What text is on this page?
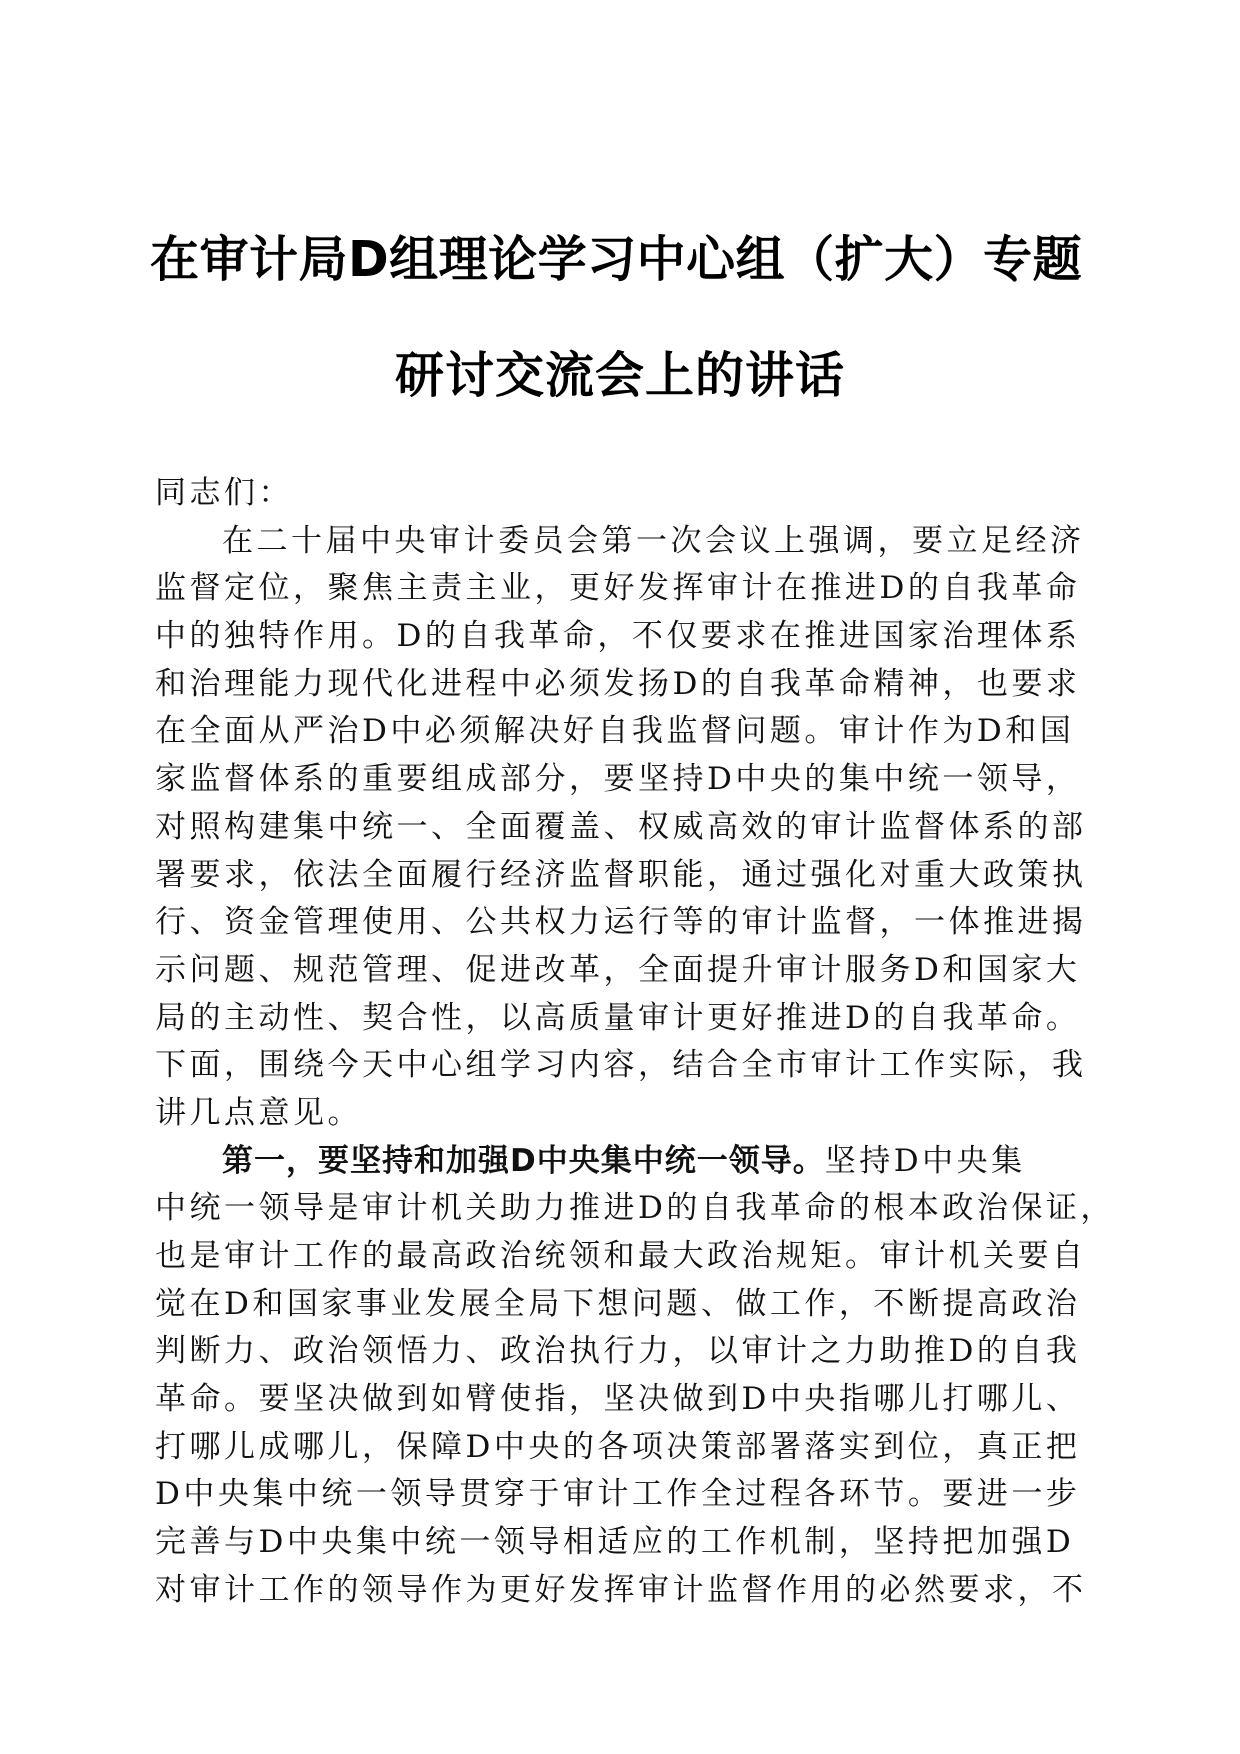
在审计局D组理论学习中心组（扩大）专题
研讨交流会上的讲话
同志们：
在二十届中央审计委员会第一次会议上强调，要立足经济
监督定位，聚焦主责主业，更好发挥审计在推进D的自我革命
中的独特作用。D的自我革命，不仅要求在推进国家治理体系
和治理能力现代化进程中必须发扬D的自我革命精神，也要求
在全面从严治D中必须解决好自我监督问题。审计作为D和国
家监督体系的重要组成部分，要坚持D中央的集中统一领导，
对照构建集中统一、全面覆盖、权威高效的审计监督体系的部
署要求，依法全面履行经济监督职能，通过强化对重大政策执
行、资金管理使用、公共权力运行等的审计监督，一体推进揭
示问题、规范管理、促进改革，全面提升审计服务D和国家大
局的主动性、契合性，以高质量审计更好推进D的自我革命。
下面，围绕今天中心组学习内容，结合全市审计工作实际，我
讲几点意见。
第一，要坚持和加强D中央集中统一领导。坚持D中央集
中统一领导是审计机关助力推进D的自我革命的根本政治保证，
也是审计工作的最高政治统领和最大政治规矩。审计机关要自
觉在D和国家事业发展全局下想问题、做工作，不断提高政治
判断力、政治领悟力、政治执行力，以审计之力助推D的自我
革命。要坚决做到如臂使指，坚决做到D中央指哪儿打哪儿、
打哪儿成哪儿，保障D中央的各项决策部署落实到位，真正把
D中央集中统一领导贯穿于审计工作全过程各环节。要进一步
完善与D中央集中统一领导相适应的工作机制，坚持把加强D
对审计工作的领导作为更好发挥审计监督作用的必然要求，不
